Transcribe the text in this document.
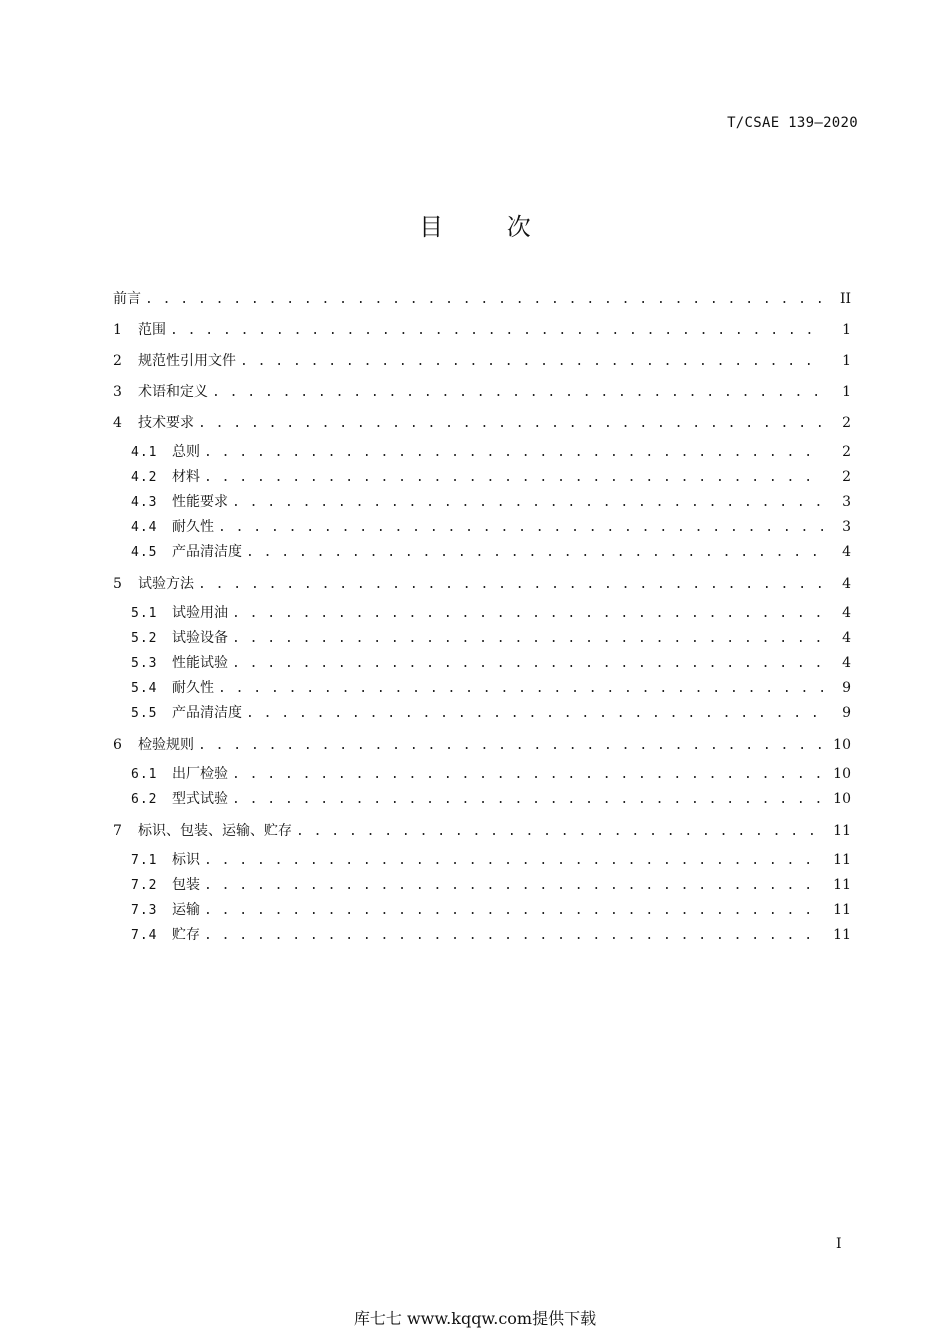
T/CSAE 139—2020
目 次
前言 . . .	II
1	范围 . . .	1
2	规范性引用文件 . . .	1
3	术语和定义 . . .	1
4	技术要求 . . .	2
4.1	总则 . . .	2
4.2	材料 . . .	2
4.3	性能要求 . . .	3
4.4	耐久性 . . .	3
4.5	产品清洁度 . . .	4
5	试验方法 . . .	4
5.1	试验用油 . . .	4
5.2	试验设备 . . .	4
5.3	性能试验 . . .	4
5.4	耐久性 . . .	9
5.5	产品清洁度 . . .	9
6	检验规则 . . .	10
6.1	出厂检验 . . .	10
6.2	型式试验 . . .	10
7	标识、包装、运输、贮存 . . .	11
7.1	标识 . . .	11
7.2	包装 . . .	11
7.3	运输 . . .	11
7.4	贮存 . . .	11
I
库七七 www.kqqw.com提供下载
